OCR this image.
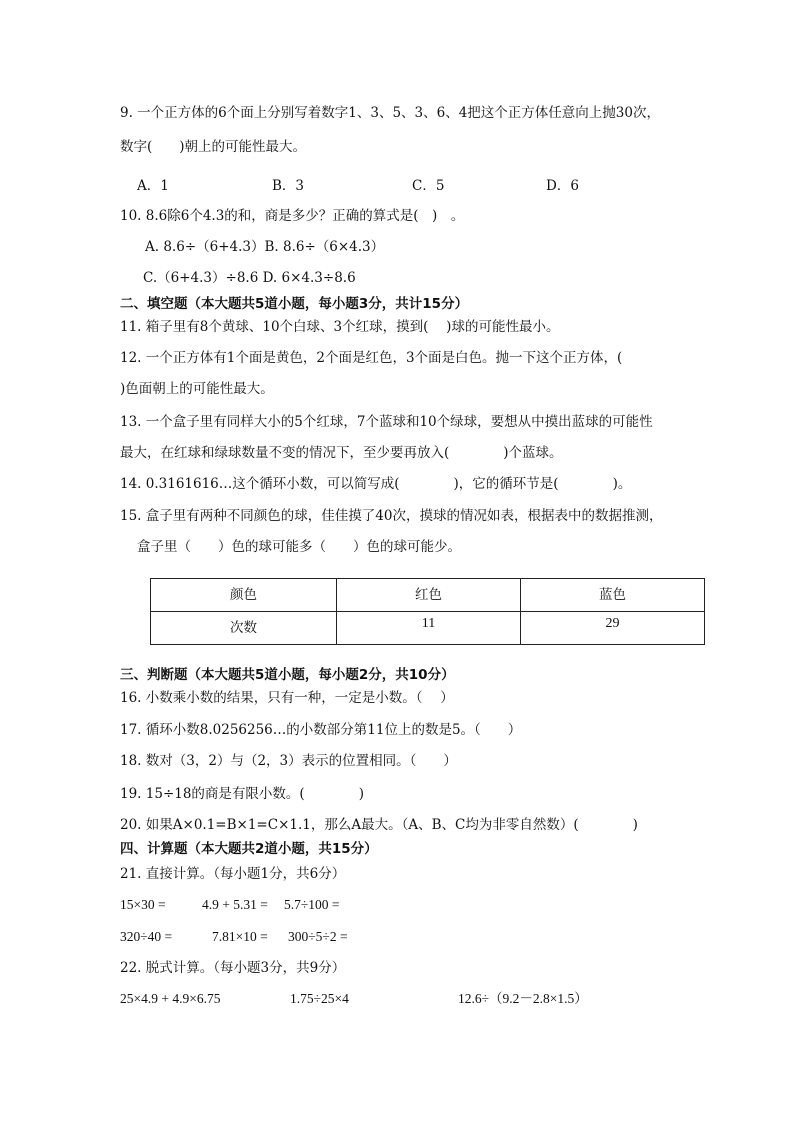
9. 一个正方体的6个面上分别写着数字1、3、5、3、6、4把这个正方体任意向上抛30次，
数字(　　)朝上的可能性最大。
A．1	B．3	C．5	D．6
10. 8.6除6个4.3的和，商是多少？正确的算式是(　)　。
A. 8.6÷（6+4.3）B. 8.6÷（6×4.3）
C.（6+4.3）÷8.6 D. 6×4.3÷8.6
二、填空题（本大题共5道小题，每小题3分，共计15分）
11. 箱子里有8个黄球、10个白球、3个红球，摸到(　 )球的可能性最小。
12. 一个正方体有1个面是黄色，2个面是红色，3个面是白色。抛一下这个正方体，(
)色面朝上的可能性最大。
13. 一个盒子里有同样大小的5个红球，7个蓝球和10个绿球，要想从中摸出蓝球的可能性
最大，在红球和绿球数量不变的情况下，至少要再放入(　　　　)个蓝球。
14. 0.3161616…这个循环小数，可以简写成(　　　　)，它的循环节是(　　　　)。
15. 盒子里有两种不同颜色的球，佳佳摸了40次，摸球的情况如表，根据表中的数据推测，
盒子里（　　）色的球可能多（　　）色的球可能少。
颜色	红色	蓝色
次数	11	29
三、判断题（本大题共5道小题，每小题2分，共10分）
16. 小数乘小数的结果，只有一种，一定是小数。（　 ）
17. 循环小数8.0256256…的小数部分第11位上的数是5。（　　）
18. 数对（3，2）与（2，3）表示的位置相同。（　　）
19. 15÷18的商是有限小数。(　　　　)
20. 如果A×0.1=B×1=C×1.1，那么A最大。（A、B、C均为非零自然数）(　　　　)
四、计算题（本大题共2道小题，共15分）
21. 直接计算。（每小题1分，共6分）
15×30 =	4.9 + 5.31 = 5.7÷100 =
320÷40 =	7.81×10 = 300÷5÷2 =
22. 脱式计算。（每小题3分，共9分）
25×4.9 + 4.9×6.75	1.75÷25×4	12.6÷（9.2－2.8×1.5）
